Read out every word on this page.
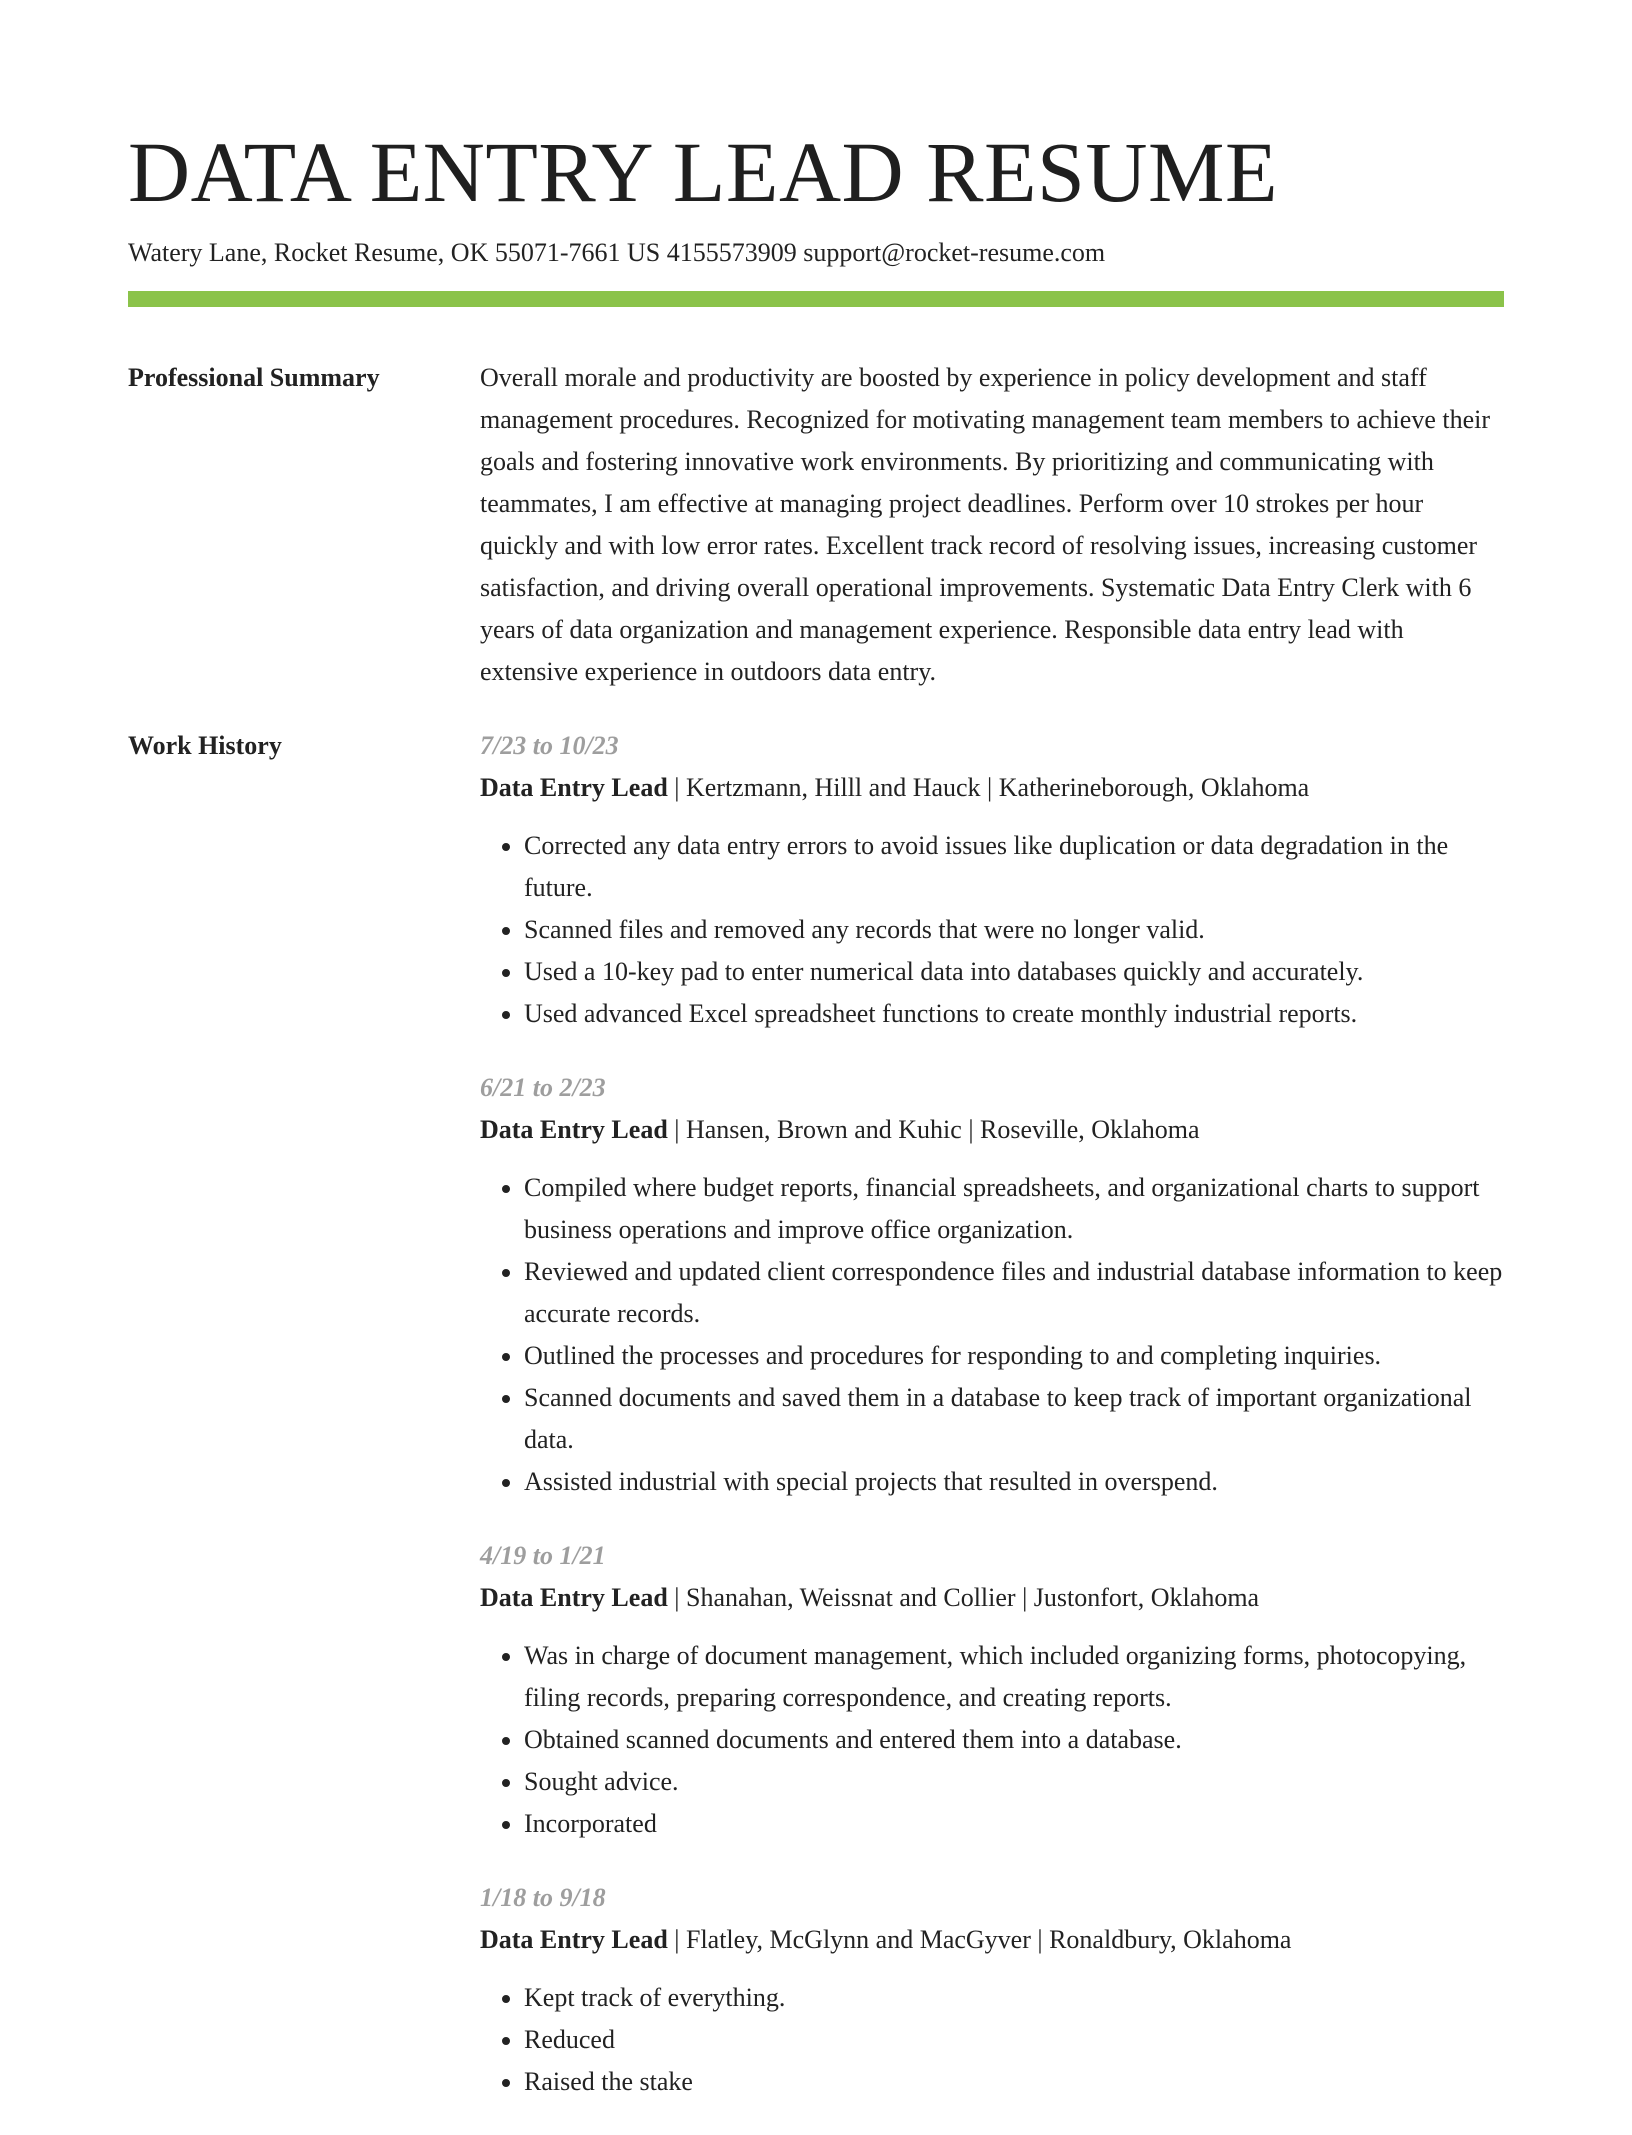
DATA ENTRY LEAD RESUME
Watery Lane, Rocket Resume, OK 55071-7661 US 4155573909 support@rocket-resume.com
Professional Summary	Overall morale and productivity are boosted by experience in policy development and staff management procedures. Recognized for motivating management team members to achieve their goals and fostering innovative work environments. By prioritizing and communicating with teammates, I am effective at managing project deadlines. Perform over 10 strokes per hour quickly and with low error rates. Excellent track record of resolving issues, increasing customer satisfaction, and driving overall operational improvements. Systematic Data Entry Clerk with 6 years of data organization and management experience. Responsible data entry lead with extensive experience in outdoors data entry.

Work History	7/23 to 10/23
Data Entry Lead | Kertzmann, Hilll and Hauck | Katherineborough, Oklahoma
• Corrected any data entry errors to avoid issues like duplication or data degradation in the future.
• Scanned files and removed any records that were no longer valid.
• Used a 10-key pad to enter numerical data into databases quickly and accurately.
• Used advanced Excel spreadsheet functions to create monthly industrial reports.
6/21 to 2/23
Data Entry Lead | Hansen, Brown and Kuhic | Roseville, Oklahoma
• Compiled where budget reports, financial spreadsheets, and organizational charts to support business operations and improve office organization.
• Reviewed and updated client correspondence files and industrial database information to keep accurate records.
• Outlined the processes and procedures for responding to and completing inquiries.
• Scanned documents and saved them in a database to keep track of important organizational data.
• Assisted industrial with special projects that resulted in overspend.
4/19 to 1/21
Data Entry Lead | Shanahan, Weissnat and Collier | Justonfort, Oklahoma
• Was in charge of document management, which included organizing forms, photocopying, filing records, preparing correspondence, and creating reports.
• Obtained scanned documents and entered them into a database.
• Sought advice.
• Incorporated
1/18 to 9/18
Data Entry Lead | Flatley, McGlynn and MacGyver | Ronaldbury, Oklahoma
• Kept track of everything.
• Reduced
• Raised the stake
